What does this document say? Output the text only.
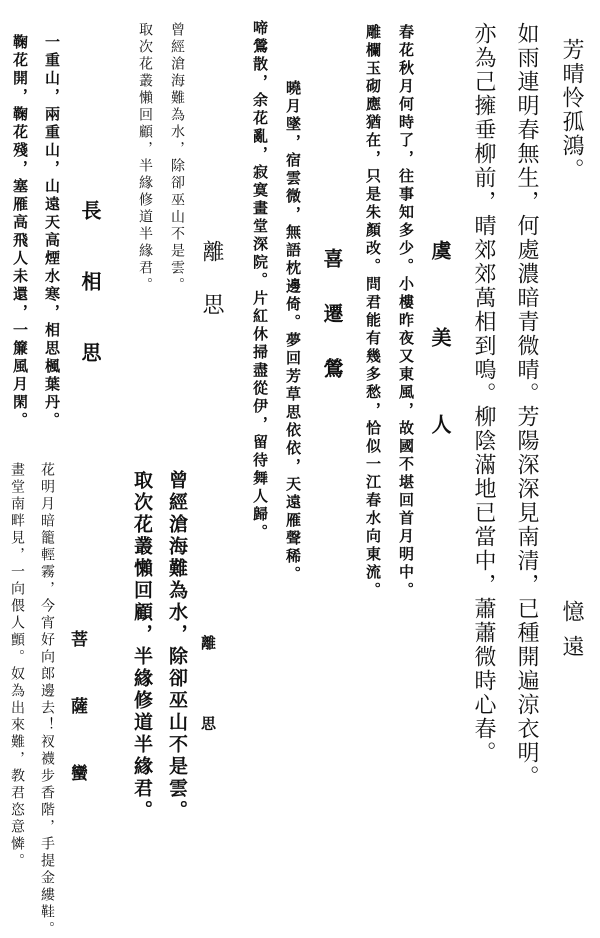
憶 遠
芳晴怜孤鴻。
芳陽深深見南清，已種開遍涼衣明。
如雨連明春無生，何處濃暗青微晴。
柳陰滿地已當中，蕭蕭微時心春。
亦為己擁垂柳前，晴郊郊萬相到鳴。
虞 美 人
春花秋月何時了，往事知多少。小樓昨夜又東風，故國不堪回首月明中。
雕欄玉砌應猶在，只是朱顏改。問君能有幾多愁，恰似一江春水向東流。
喜 遷 鶯
曉月墜，宿雲微，無語枕邊倚。夢回芳草思依依，天遠雁聲稀。
啼鶯散，余花亂，寂寞畫堂深院。片紅休掃盡從伊，留待舞人歸。
離 思
曾經滄海難為水，除卻巫山不是雲。
取次花叢懶回顧，半緣修道半緣君。
離 思
曾經滄海難為水，除卻巫山不是雲。
取次花叢懶回顧，半緣修道半緣君。
長 相 思
一重山，兩重山，山遠天高煙水寒，相思楓葉丹。
鞠花開，鞠花殘，塞雁高飛人未還，一簾風月閑。
菩 薩 蠻
花明月暗籠輕霧，今宵好向郎邊去！衩襪步香階，手提金縷鞋。
畫堂南畔見，一向偎人顫。奴為出來難，教君恣意憐。
